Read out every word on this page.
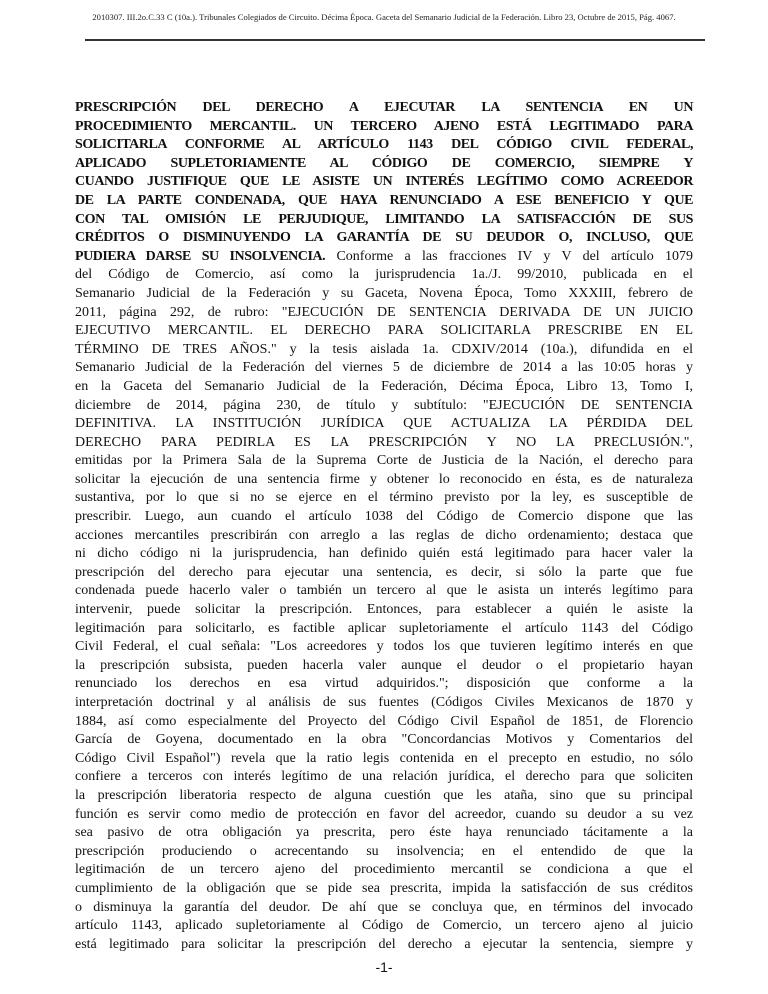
2010307. III.2o.C.33 C (10a.). Tribunales Colegiados de Circuito. Décima Época. Gaceta del Semanario Judicial de la Federación. Libro 23, Octubre de 2015, Pág. 4067.
PRESCRIPCIÓN DEL DERECHO A EJECUTAR LA SENTENCIA EN UN
PROCEDIMIENTO MERCANTIL. UN TERCERO AJENO ESTÁ LEGITIMADO PARA
SOLICITARLA CONFORME AL ARTÍCULO 1143 DEL CÓDIGO CIVIL FEDERAL,
APLICADO SUPLETORIAMENTE AL CÓDIGO DE COMERCIO, SIEMPRE Y
CUANDO JUSTIFIQUE QUE LE ASISTE UN INTERÉS LEGÍTIMO COMO ACREEDOR
DE LA PARTE CONDENADA, QUE HAYA RENUNCIADO A ESE BENEFICIO Y QUE
CON TAL OMISIÓN LE PERJUDIQUE, LIMITANDO LA SATISFACCIÓN DE SUS
CRÉDITOS O DISMINUYENDO LA GARANTÍA DE SU DEUDOR O, INCLUSO, QUE
PUDIERA DARSE SU INSOLVENCIA. Conforme a las fracciones IV y V del artículo 1079
del Código de Comercio, así como la jurisprudencia 1a./J. 99/2010, publicada en el
Semanario Judicial de la Federación y su Gaceta, Novena Época, Tomo XXXIII, febrero de
2011, página 292, de rubro: "EJECUCIÓN DE SENTENCIA DERIVADA DE UN JUICIO
EJECUTIVO MERCANTIL. EL DERECHO PARA SOLICITARLA PRESCRIBE EN EL
TÉRMINO DE TRES AÑOS." y la tesis aislada 1a. CDXIV/2014 (10a.), difundida en el
Semanario Judicial de la Federación del viernes 5 de diciembre de 2014 a las 10:05 horas y
en la Gaceta del Semanario Judicial de la Federación, Décima Época, Libro 13, Tomo I,
diciembre de 2014, página 230, de título y subtítulo: "EJECUCIÓN DE SENTENCIA
DEFINITIVA. LA INSTITUCIÓN JURÍDICA QUE ACTUALIZA LA PÉRDIDA DEL
DERECHO PARA PEDIRLA ES LA PRESCRIPCIÓN Y NO LA PRECLUSIÓN.",
emitidas por la Primera Sala de la Suprema Corte de Justicia de la Nación, el derecho para
solicitar la ejecución de una sentencia firme y obtener lo reconocido en ésta, es de naturaleza
sustantiva, por lo que si no se ejerce en el término previsto por la ley, es susceptible de
prescribir. Luego, aun cuando el artículo 1038 del Código de Comercio dispone que las
acciones mercantiles prescribirán con arreglo a las reglas de dicho ordenamiento; destaca que
ni dicho código ni la jurisprudencia, han definido quién está legitimado para hacer valer la
prescripción del derecho para ejecutar una sentencia, es decir, si sólo la parte que fue
condenada puede hacerlo valer o también un tercero al que le asista un interés legítimo para
intervenir, puede solicitar la prescripción. Entonces, para establecer a quién le asiste la
legitimación para solicitarlo, es factible aplicar supletoriamente el artículo 1143 del Código
Civil Federal, el cual señala: "Los acreedores y todos los que tuvieren legítimo interés en que
la prescripción subsista, pueden hacerla valer aunque el deudor o el propietario hayan
renunciado los derechos en esa virtud adquiridos."; disposición que conforme a la
interpretación doctrinal y al análisis de sus fuentes (Códigos Civiles Mexicanos de 1870 y
1884, así como especialmente del Proyecto del Código Civil Español de 1851, de Florencio
García de Goyena, documentado en la obra "Concordancias Motivos y Comentarios del
Código Civil Español") revela que la ratio legis contenida en el precepto en estudio, no sólo
confiere a terceros con interés legítimo de una relación jurídica, el derecho para que soliciten
la prescripción liberatoria respecto de alguna cuestión que les ataña, sino que su principal
función es servir como medio de protección en favor del acreedor, cuando su deudor a su vez
sea pasivo de otra obligación ya prescrita, pero éste haya renunciado tácitamente a la
prescripción produciendo o acrecentando su insolvencia; en el entendido de que la
legitimación de un tercero ajeno del procedimiento mercantil se condiciona a que el
cumplimiento de la obligación que se pide sea prescrita, impida la satisfacción de sus créditos
o disminuya la garantía del deudor. De ahí que se concluya que, en términos del invocado
artículo 1143, aplicado supletoriamente al Código de Comercio, un tercero ajeno al juicio
está legitimado para solicitar la prescripción del derecho a ejecutar la sentencia, siempre y
-1-
